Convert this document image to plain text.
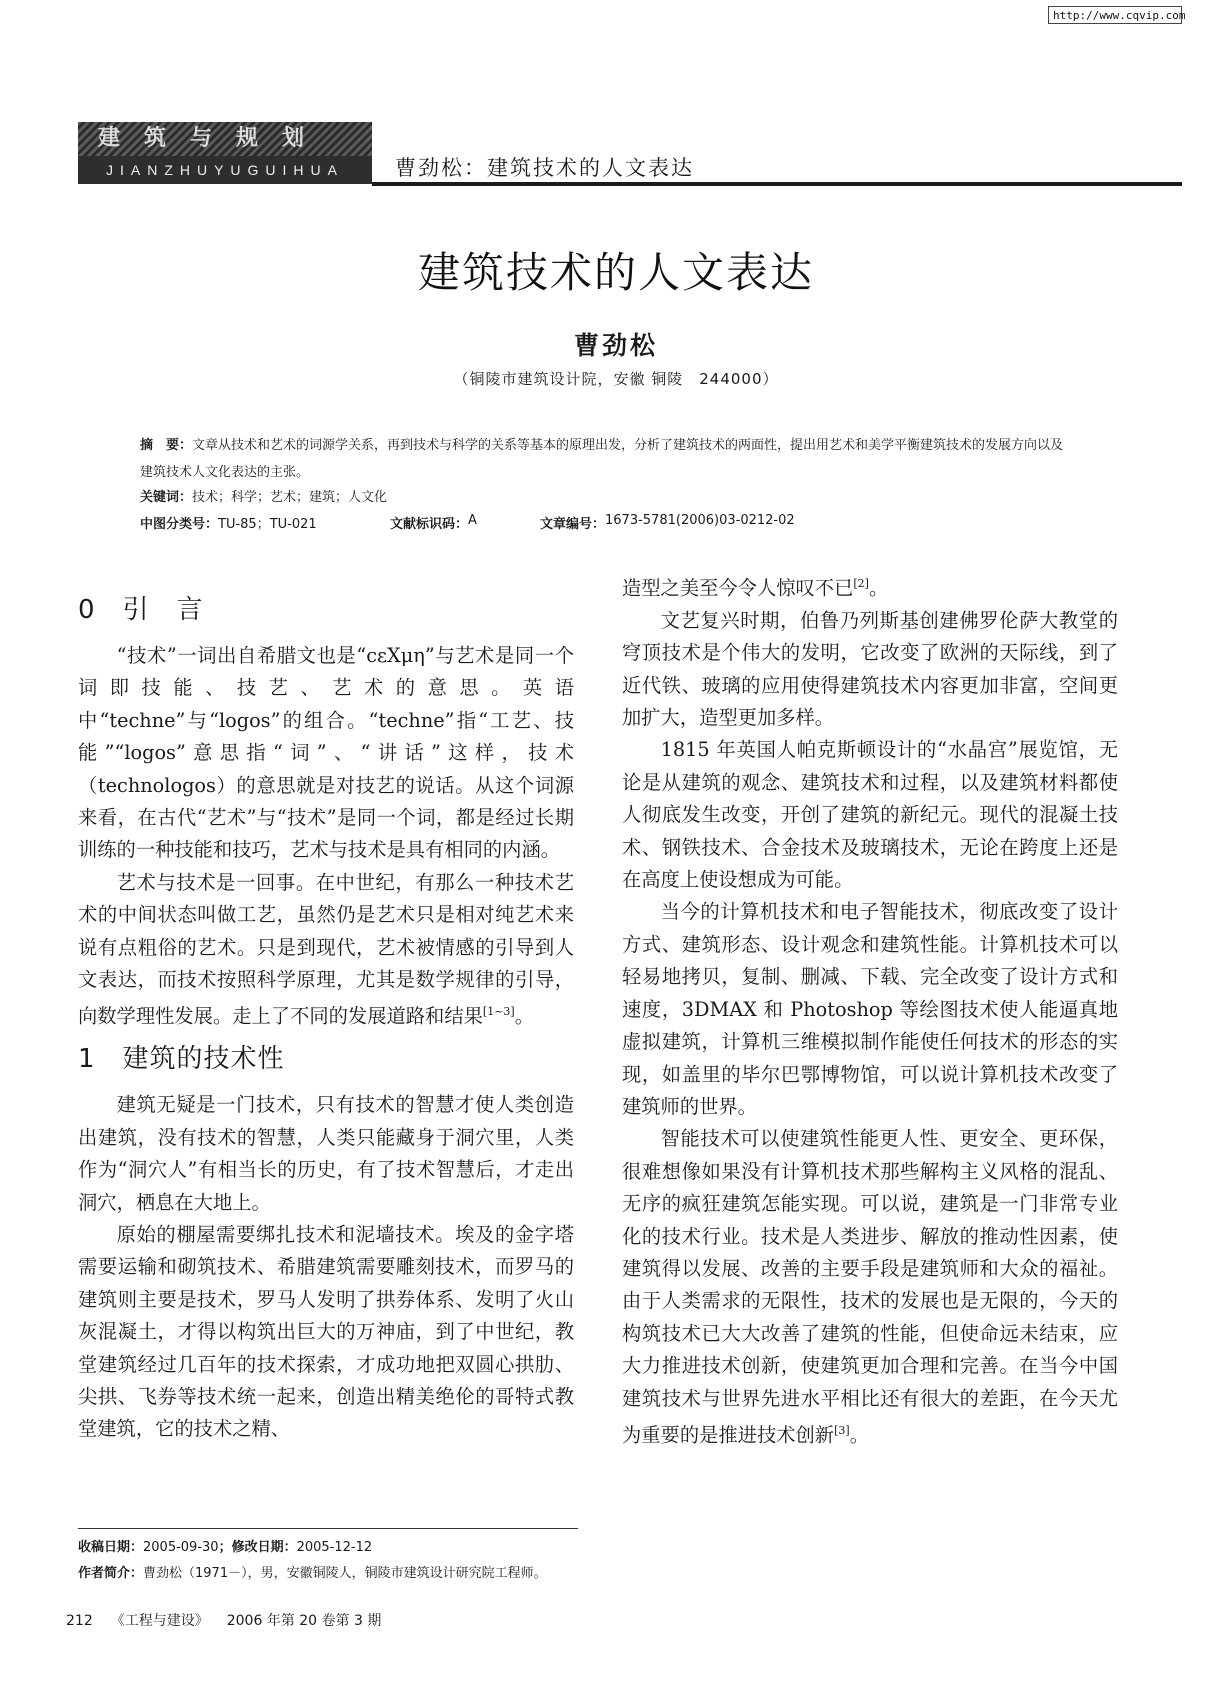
http://www.cqvip.com
建筑与规划
JIANZHUYUGUIHUA	曹劲松：建筑技术的人文表达
建筑技术的人文表达
曹劲松
（铜陵市建筑设计院，安徽 铜陵　244000）
摘　要：文章从技术和艺术的词源学关系，再到技术与科学的关系等基本的原理出发，分析了建筑技术的两面性，提出用艺术和美学平衡建筑技术的发展方向以及建筑技术人文化表达的主张。
关键词：技术；科学；艺术；建筑；人文化
中图分类号： TU-85；TU-021	文献标识码： A	文章编号： 1673-5781(2006)03-0212-02
0　引　言

“技术”一词出自希腊文也是“cεXμη”与艺术是同一个词即技能、技艺、艺术的意思。英语中“techne”与“logos”的组合。“techne”指“工艺、技能”“logos”意思指“词”、“讲话”这样，技术（technologos）的意思就是对技艺的说话。从这个词源来看，在古代“艺术”与“技术”是同一个词，都是经过长期训练的一种技能和技巧，艺术与技术是具有相同的内涵。

艺术与技术是一回事。在中世纪，有那么一种技术艺术的中间状态叫做工艺，虽然仍是艺术只是相对纯艺术来说有点粗俗的艺术。只是到现代，艺术被情感的引导到人文表达，而技术按照科学原理，尤其是数学规律的引导，向数学理性发展。走上了不同的发展道路和结果[1~3]。

1　建筑的技术性

建筑无疑是一门技术，只有技术的智慧才使人类创造出建筑，没有技术的智慧，人类只能藏身于洞穴里，人类作为“洞穴人”有相当长的历史，有了技术智慧后，才走出洞穴，栖息在大地上。

原始的棚屋需要绑扎技术和泥墙技术。埃及的金字塔需要运输和砌筑技术、希腊建筑需要雕刻技术，而罗马的建筑则主要是技术，罗马人发明了拱券体系、发明了火山灰混凝土，才得以构筑出巨大的万神庙，到了中世纪，教堂建筑经过几百年的技术探索，才成功地把双圆心拱肋、尖拱、飞券等技术统一起来，创造出精美绝伦的哥特式教堂建筑，它的技术之精、

造型之美至今令人惊叹不已[2]。

文艺复兴时期，伯鲁乃列斯基创建佛罗伦萨大教堂的穹顶技术是个伟大的发明，它改变了欧洲的天际线，到了近代铁、玻璃的应用使得建筑技术内容更加非富，空间更加扩大，造型更加多样。

1815 年英国人帕克斯顿设计的“水晶宫”展览馆，无论是从建筑的观念、建筑技术和过程，以及建筑材料都使人彻底发生改变，开创了建筑的新纪元。现代的混凝土技术、钢铁技术、合金技术及玻璃技术，无论在跨度上还是在高度上使设想成为可能。

当今的计算机技术和电子智能技术，彻底改变了设计方式、建筑形态、设计观念和建筑性能。计算机技术可以轻易地拷贝，复制、删减、下载、完全改变了设计方式和速度，3DMAX 和 Photoshop 等绘图技术使人能逼真地虚拟建筑，计算机三维模拟制作能使任何技术的形态的实现，如盖里的毕尔巴鄂博物馆，可以说计算机技术改变了建筑师的世界。

智能技术可以使建筑性能更人性、更安全、更环保，很难想像如果没有计算机技术那些解构主义风格的混乱、无序的疯狂建筑怎能实现。可以说，建筑是一门非常专业化的技术行业。技术是人类进步、解放的推动性因素，使建筑得以发展、改善的主要手段是建筑师和大众的福祉。由于人类需求的无限性，技术的发展也是无限的，今天的构筑技术已大大改善了建筑的性能，但使命远未结束，应大力推进技术创新，使建筑更加合理和完善。在当今中国建筑技术与世界先进水平相比还有很大的差距，在今天尤为重要的是推进技术创新[3]。

收稿日期：2005-09-30；修改日期：2005-12-12
作者简介：曹劲松（1971－），男，安徽铜陵人，铜陵市建筑设计研究院工程师。
212 《工程与建设》 2006 年第 20 卷第 3 期
